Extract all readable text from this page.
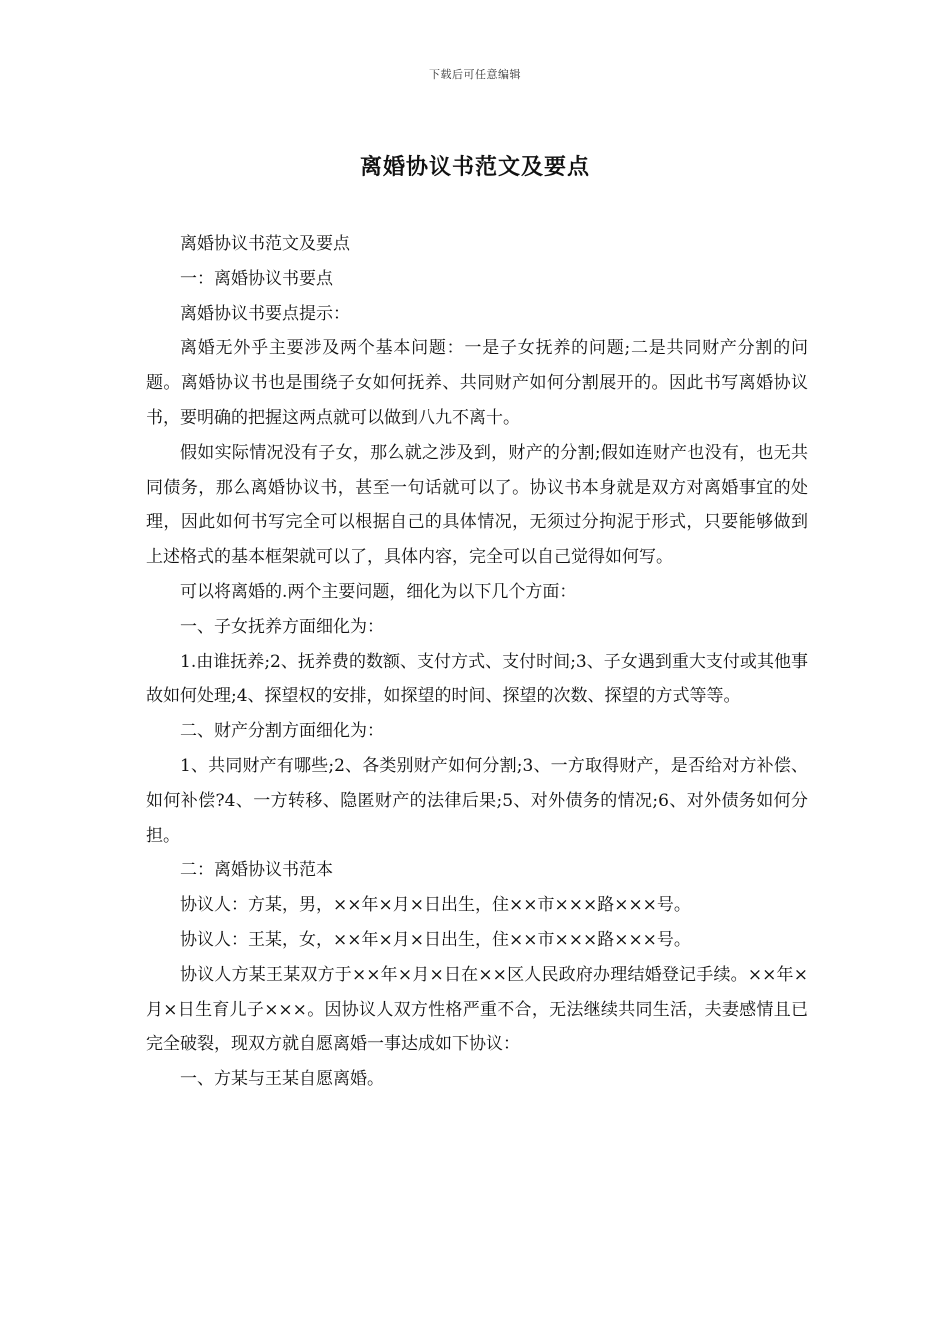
下载后可任意编辑
离婚协议书范文及要点

离婚协议书范文及要点

一：离婚协议书要点

离婚协议书要点提示：

离婚无外乎主要涉及两个基本问题：一是子女抚养的问题;二是共同财产分割的问题。离婚协议书也是围绕子女如何抚养、共同财产如何分割展开的。因此书写离婚协议书，要明确的把握这两点就可以做到八九不离十。

假如实际情况没有子女，那么就之涉及到，财产的分割;假如连财产也没有，也无共同债务，那么离婚协议书，甚至一句话就可以了。协议书本身就是双方对离婚事宜的处理，因此如何书写完全可以根据自己的具体情况，无须过分拘泥于形式，只要能够做到上述格式的基本框架就可以了，具体内容，完全可以自己觉得如何写。

可以将离婚的.两个主要问题，细化为以下几个方面：

一、子女抚养方面细化为：

1.由谁抚养;2、抚养费的数额、支付方式、支付时间;3、子女遇到重大支付或其他事故如何处理;4、探望权的安排，如探望的时间、探望的次数、探望的方式等等。

二、财产分割方面细化为：

1、共同财产有哪些;2、各类别财产如何分割;3、一方取得财产，是否给对方补偿、如何补偿?4、一方转移、隐匿财产的法律后果;5、对外债务的情况;6、对外债务如何分担。

二：离婚协议书范本

协议人：方某，男，××年×月×日出生，住××市×××路×××号。

协议人：王某，女，××年×月×日出生，住××市×××路×××号。

协议人方某王某双方于××年×月×日在××区人民政府办理结婚登记手续。××年×月×日生育儿子×××。因协议人双方性格严重不合，无法继续共同生活，夫妻感情且已完全破裂，现双方就自愿离婚一事达成如下协议：

一、方某与王某自愿离婚。
